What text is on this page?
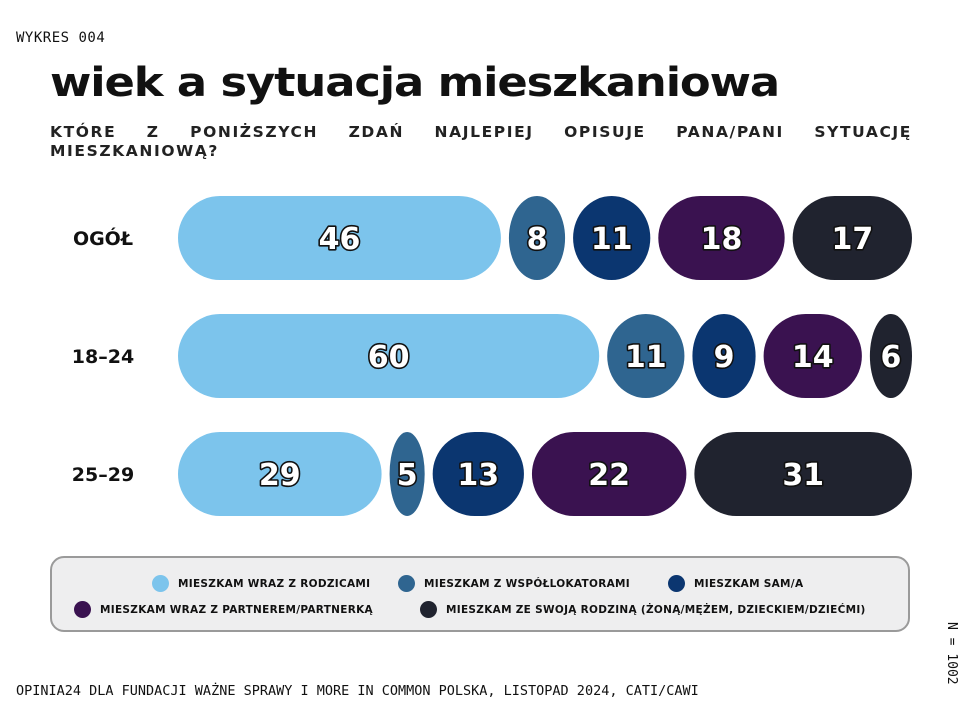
WYKRES 004
wiek a sytuacja mieszkaniowa
KTÓRE Z PONIŻSZYCH ZDAŃ NAJLEPIEJ OPISUJE PANA/PANI SYTUACJĘ MIESZKANIOWĄ?
OGÓŁ	46	8 11 18	17
18–24	60	11 9 14 6
25–29	29	5 13	22	31
MIESZKAM WRAZ Z RODZICAMI	MIESZKAM Z WSPÓŁLOKATORAMI	MIESZKAM SAM/A
MIESZKAM WRAZ Z PARTNEREM/PARTNERKĄ	MIESZKAM ZE SWOJĄ RODZINĄ (ŻONĄ/MĘŻEM, DZIECKIEM/DZIEĆMI)
OPINIA24 DLA FUNDACJI WAŻNE SPRAWY I MORE IN COMMON POLSKA, LISTOPAD 2024, CATI/CAWI
N = 1002
